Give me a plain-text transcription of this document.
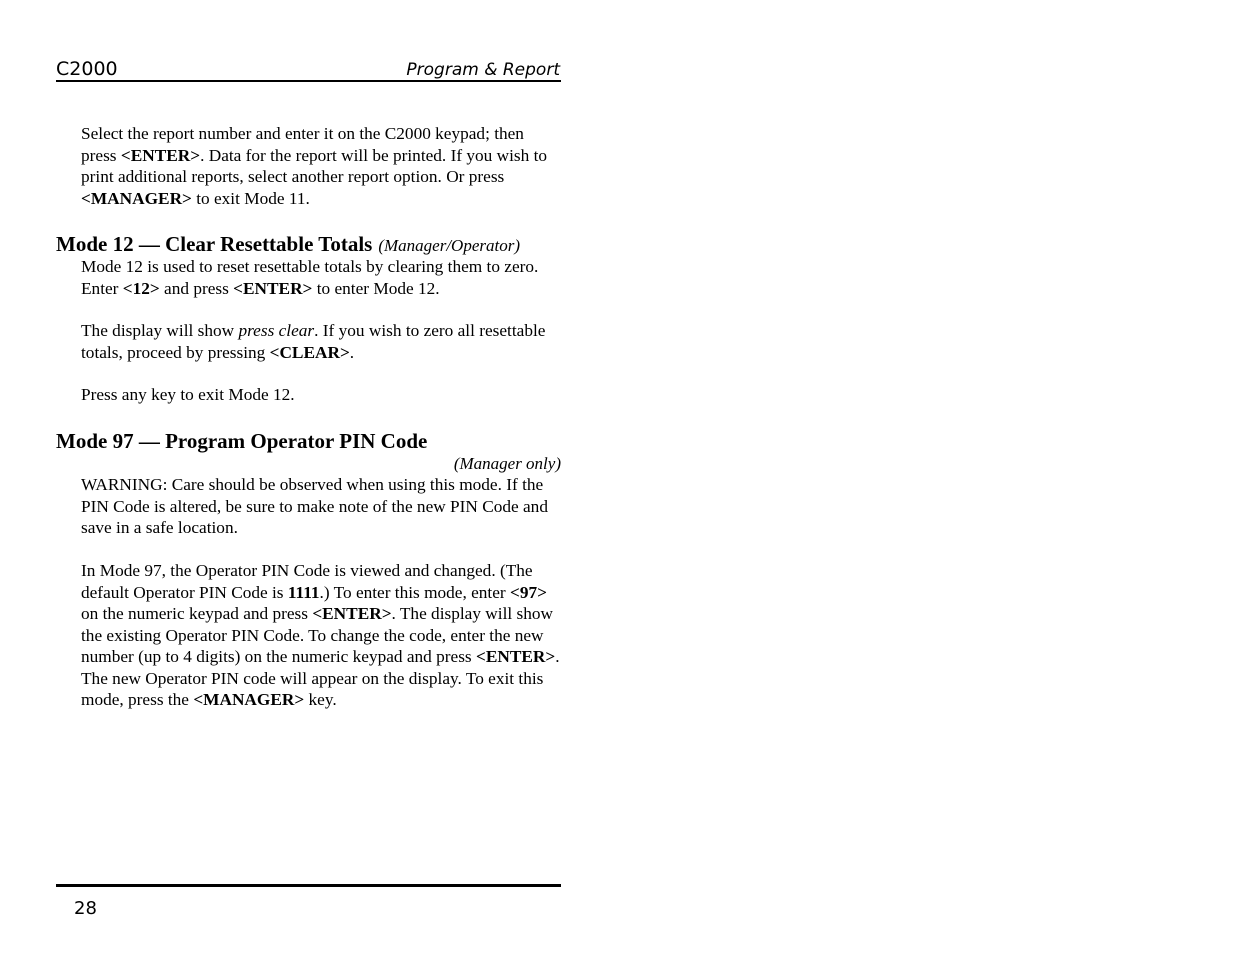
C2000	Program & Report

Select the report number and enter it on the C2000 keypad; then press <ENTER>. Data for the report will be printed. If you wish to print additional reports, select another report option. Or press <MANAGER> to exit Mode 11.

Mode 12 — Clear Resettable Totals (Manager/Operator)

Mode 12 is used to reset resettable totals by clearing them to zero. Enter <12> and press <ENTER> to enter Mode 12.

The display will show press clear. If you wish to zero all resettable totals, proceed by pressing <CLEAR>.

Press any key to exit Mode 12.

Mode 97 — Program Operator PIN Code
(Manager only)

WARNING: Care should be observed when using this mode. If the PIN Code is altered, be sure to make note of the new PIN Code and save in a safe location.

In Mode 97, the Operator PIN Code is viewed and changed. (The default Operator PIN Code is 1111.) To enter this mode, enter <97> on the numeric keypad and press <ENTER>. The display will show the existing Operator PIN Code. To change the code, enter the new number (up to 4 digits) on the numeric keypad and press <ENTER>. The new Operator PIN code will appear on the display. To exit this mode, press the <MANAGER> key.

28
